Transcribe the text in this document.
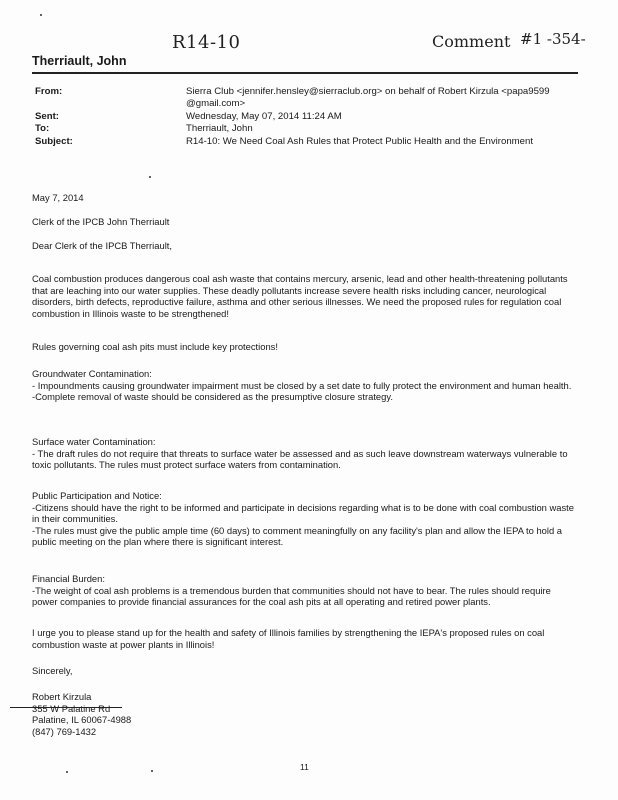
R14-10	Comment #1 -354-
Therriault, John
From:	Sierra Club <jennifer.hensley@sierraclub.org> on behalf of Robert Kirzula <papa9599 @gmail.com>
Sent:	Wednesday, May 07, 2014 11:24 AM
To:	Therriault, John
Subject:	R14-10: We Need Coal Ash Rules that Protect Public Health and the Environment
May 7, 2014
Clerk of the IPCB John Therriault
Dear Clerk of the IPCB Therriault,
Coal combustion produces dangerous coal ash waste that contains mercury, arsenic, lead and other health-threatening pollutants that are leaching into our water supplies. These deadly pollutants increase severe health risks including cancer, neurological disorders, birth defects, reproductive failure, asthma and other serious illnesses. We need the proposed rules for regulation coal combustion in Illinois waste to be strengthened!
Rules governing coal ash pits must include key protections!

Groundwater Contamination:

- Impoundments causing groundwater impairment must be closed by a set date to fully protect the environment and human health.

-Complete removal of waste should be considered as the presumptive closure strategy.

Surface water Contamination:

- The draft rules do not require that threats to surface water be assessed and as such leave downstream waterways vulnerable to toxic pollutants. The rules must protect surface waters from contamination.

Public Participation and Notice:

-Citizens should have the right to be informed and participate in decisions regarding what is to be done with coal combustion waste in their communities.

-The rules must give the public ample time (60 days) to comment meaningfully on any facility's plan and allow the IEPA to hold a public meeting on the plan where there is significant interest.

Financial Burden:

-The weight of coal ash problems is a tremendous burden that communities should not have to bear. The rules should require power companies to provide financial assurances for the coal ash pits at all operating and retired power plants.

I urge you to please stand up for the health and safety of Illinois families by strengthening the IEPA's proposed rules on coal combustion waste at power plants in Illinois!
Sincerely,

Robert Kirzula

355 W Palatine Rd

Palatine, IL 60067-4988

(847) 769-1432

11
